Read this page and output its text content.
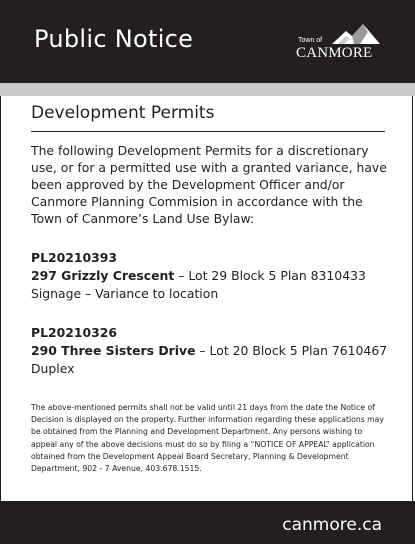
Public Notice	Town of
CANMORE
Development Permits
The following Development Permits for a discretionary use, or for a permitted use with a granted variance, have been approved by the Development Officer and/or Canmore Planning Commision in accordance with the Town of Canmore’s Land Use Bylaw:
PL20210393
297 Grizzly Crescent – Lot 29 Block 5 Plan 8310433
Signage – Variance to location
PL20210326
290 Three Sisters Drive – Lot 20 Block 5 Plan 7610467
Duplex
The above-mentioned permits shall not be valid until 21 days from the date the Notice of Decision is displayed on the property. Further information regarding these applications may be obtained from the Planning and Development Department. Any persons wishing to appeal any of the above decisions must do so by filing a “NOTICE OF APPEAL” application obtained from the Development Appeal Board Secretary, Planning & Development Department, 902 - 7 Avenue, 403.678.1515.
canmore.ca
